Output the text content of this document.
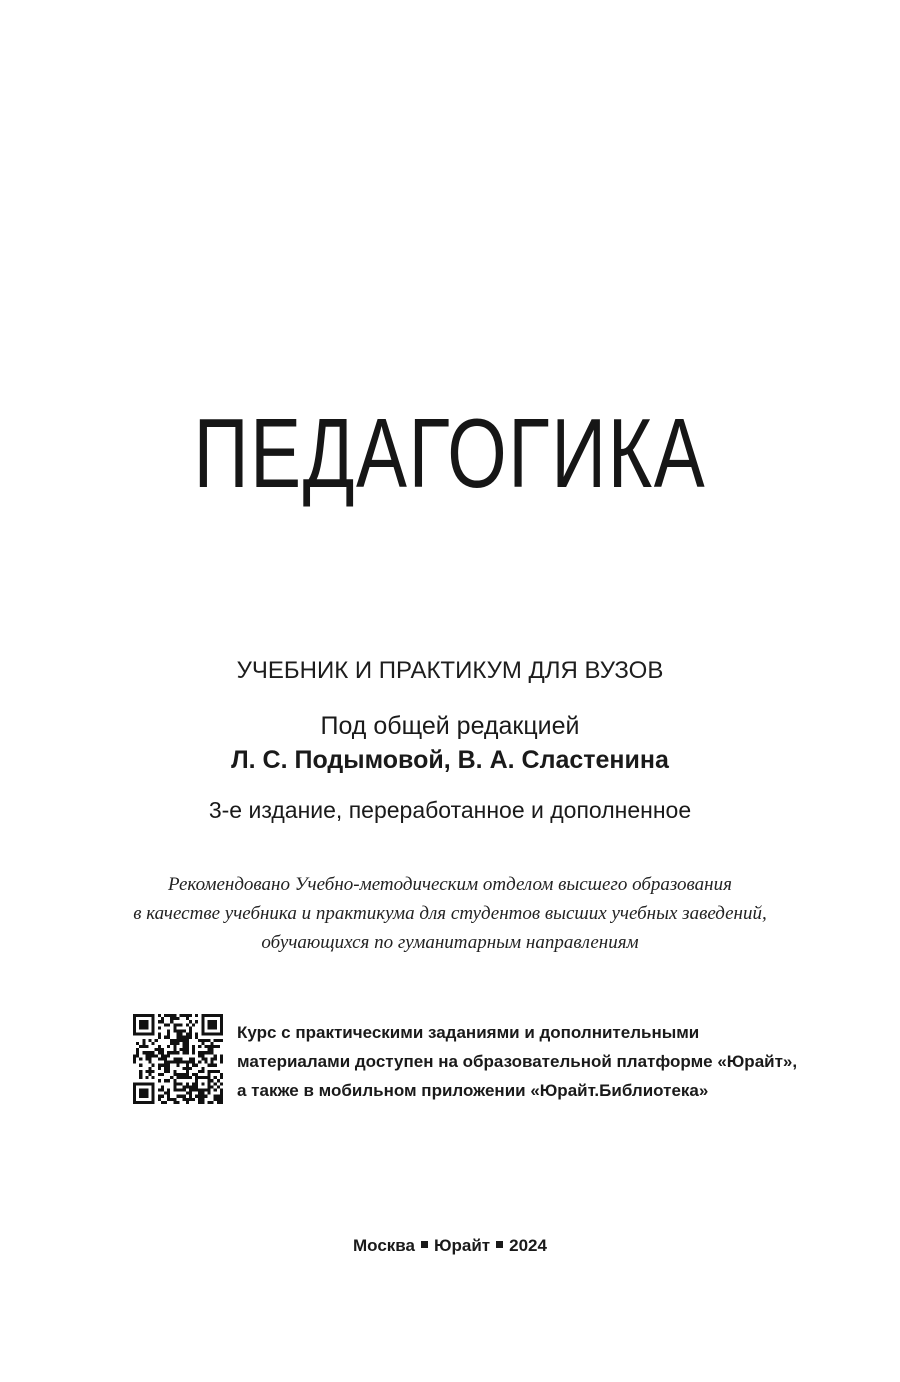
ПЕДАГОГИКА
УЧЕБНИК И ПРАКТИКУМ ДЛЯ ВУЗОВ
Под общей редакцией
Л. С. Подымовой, В. А. Сластенина
3-е издание, переработанное и дополненное
Рекомендовано Учебно-методическим отделом высшего образования
в качестве учебника и практикума для студентов высших учебных заведений,
обучающихся по гуманитарным направлениям
Курс с практическими заданиями и дополнительными
материалами доступен на образовательной платформе «Юрайт»,
а также в мобильном приложении «Юрайт.Библиотека»
Москва Юрайт 2024
